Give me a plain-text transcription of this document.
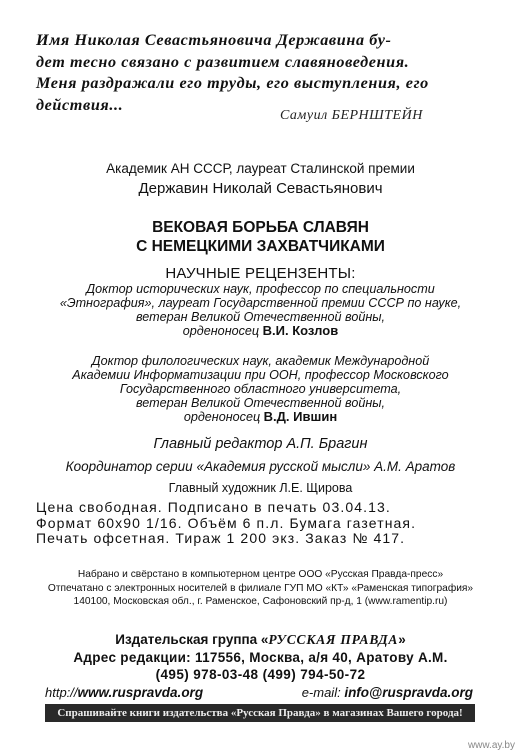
Имя Николая Севастьяновича Державина бу-
дет тесно связано с развитием славяноведения.
Меня раздражали его труды, его выступления, его
действия...
Самуил БЕРНШТЕЙН
Академик АН СССР, лауреат Сталинской премии
Державин Николай Севастьянович
ВЕКОВАЯ БОРЬБА СЛАВЯН
С НЕМЕЦКИМИ ЗАХВАТЧИКАМИ
НАУЧНЫЕ РЕЦЕНЗЕНТЫ:
Доктор исторических наук, профессор по специальности
«Этнография», лауреат Государственной премии СССР по науке,
ветеран Великой Отечественной войны,
орденоносец В.И. Козлов
Доктор филологических наук, академик Международной
Академии Информатизации при ООН, профессор Московского
Государственного областного университета,
ветеран Великой Отечественной войны,
орденоносец В.Д. Ившин
Главный редактор А.П. Брагин
Координатор серии «Академия русской мысли» А.М. Аратов
Главный художник Л.Е. Щирова
Цена свободная. Подписано в печать 03.04.13.
Формат 60х90 1/16. Объём 6 п.л. Бумага газетная.
Печать офсетная. Тираж 1 200 экз. Заказ № 417.
Набрано и свёрстано в компьютерном центре ООО «Русская Правда-пресс»
Отпечатано с электронных носителей в филиале ГУП МО «КТ» «Раменская типография»
140100, Московская обл., г. Раменское, Сафоновский пр-д, 1 (www.ramentip.ru)
Издательская группа «РУССКАЯ ПРАВДА»
Адрес редакции: 117556, Москва, а/я 40, Аратову А.М.
(495) 978-03-48 (499) 794-50-72
http://www.ruspravda.org	e-mail: info@ruspravda.org
Спрашивайте книги издательства «Русская Правда» в магазинах Вашего города!
www.ay.by
